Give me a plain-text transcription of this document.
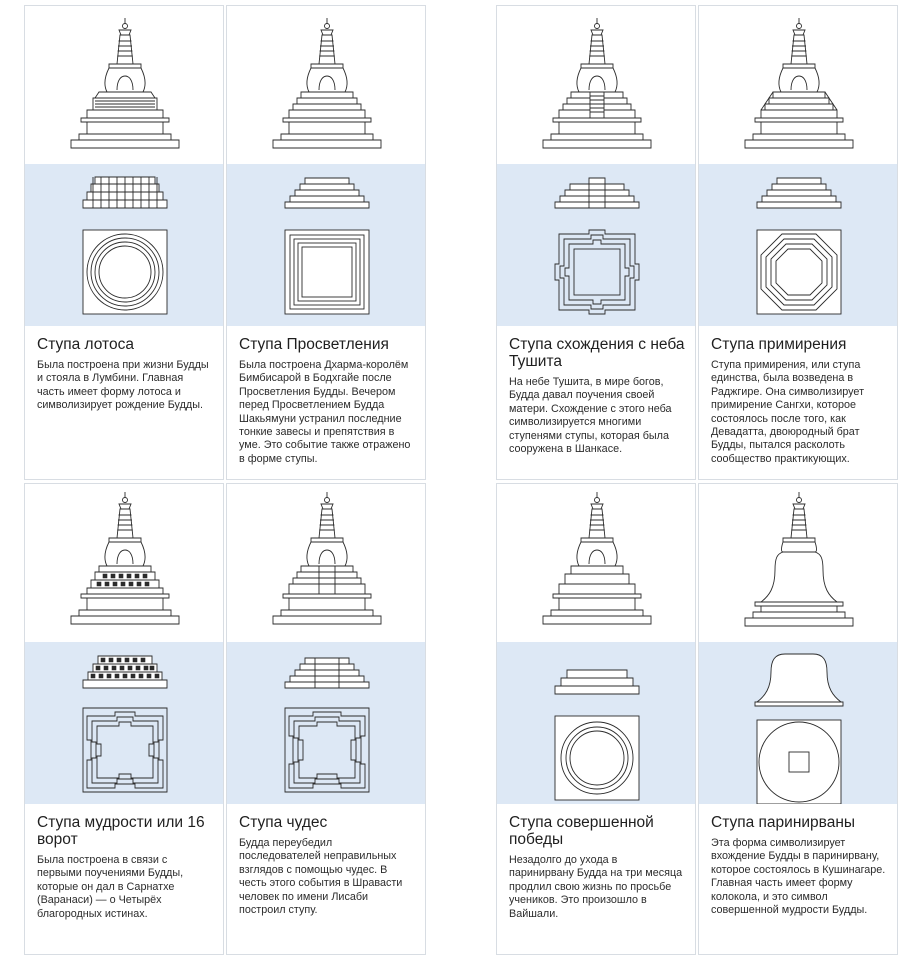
Ступа лотоса
Была построена при жизни Будды и стояла в Лумбини. Главная часть имеет форму лотоса и символизирует рождение Будды.
Ступа Просветления
Была построена Дхарма-королём Бимбисарой в Бодхгайе после Просветления Будды. Вечером перед Просветлением Будда Шакьямуни устранил последние тонкие завесы и препятствия в уме. Это событие также отражено в форме ступы.
Ступа схождения с неба Тушита
На небе Тушита, в мире богов, Будда давал поучения своей матери. Схождение с этого неба символизируется многими ступенями ступы, которая была сооружена в Шанкасе.
Ступа примирения
Ступа примирения, или ступа единства, была возведена в Раджгире. Она символизирует примирение Сангхи, которое состоялось после того, как Девадатта, двоюродный брат Будды, пытался расколоть сообщество практикующих.
Ступа мудрости или 16 ворот
Была построена в связи с первыми поучениями Будды, которые он дал в Сарнатхе (Варанаси) — о Четырёх благородных истинах.
Ступа чудес
Будда переубедил последователей неправильных взглядов с помощью чудес. В честь этого события в Шравасти человек по имени Лисаби построил ступу.
Ступа совершенной победы
Незадолго до ухода в паринирвану Будда на три месяца продлил свою жизнь по просьбе учеников. Это произошло в Вайшали.
Ступа паринирваны
Эта форма символизирует вхождение Будды в паринирвану, которое состоялось в Кушинагаре. Главная часть имеет форму колокола, и это символ совершенной мудрости Будды.
